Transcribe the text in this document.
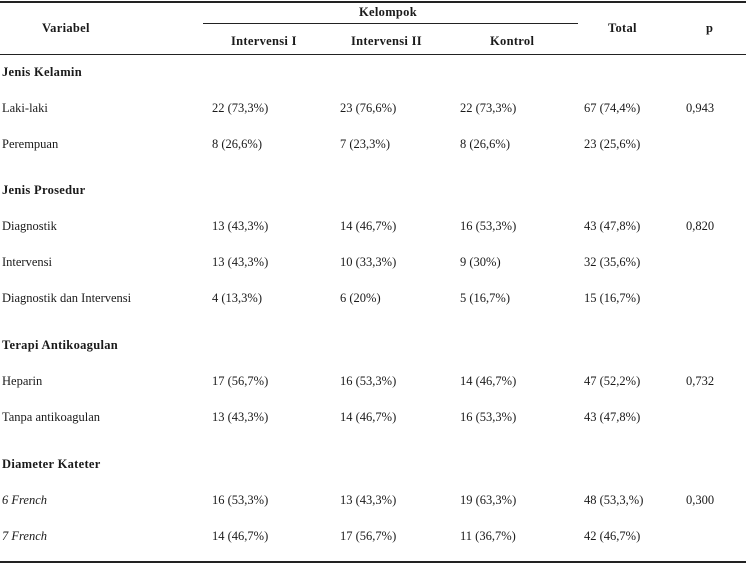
Variabel
Kelompok
Intervensi I	Intervensi II	Kontrol
Total	p
Jenis Kelamin
Laki-laki	22 (73,3%)	23 (76,6%)	22 (73,3%)	67 (74,4%)	0,943
Perempuan	8 (26,6%)	7 (23,3%)	8 (26,6%)	23 (25,6%)
Jenis Prosedur
Diagnostik	13 (43,3%)	14 (46,7%)	16 (53,3%)	43 (47,8%)	0,820
Intervensi	13 (43,3%)	10 (33,3%)	9 (30%)	32 (35,6%)
Diagnostik dan Intervensi	4 (13,3%)	6 (20%)	5 (16,7%)	15 (16,7%)
Terapi Antikoagulan
Heparin	17 (56,7%)	16 (53,3%)	14 (46,7%)	47 (52,2%)	0,732
Tanpa antikoagulan	13 (43,3%)	14 (46,7%)	16 (53,3%)	43 (47,8%)
Diameter Kateter
6 French	16 (53,3%)	13 (43,3%)	19 (63,3%)	48 (53,3,%)	0,300
7 French	14 (46,7%)	17 (56,7%)	11 (36,7%)	42 (46,7%)
